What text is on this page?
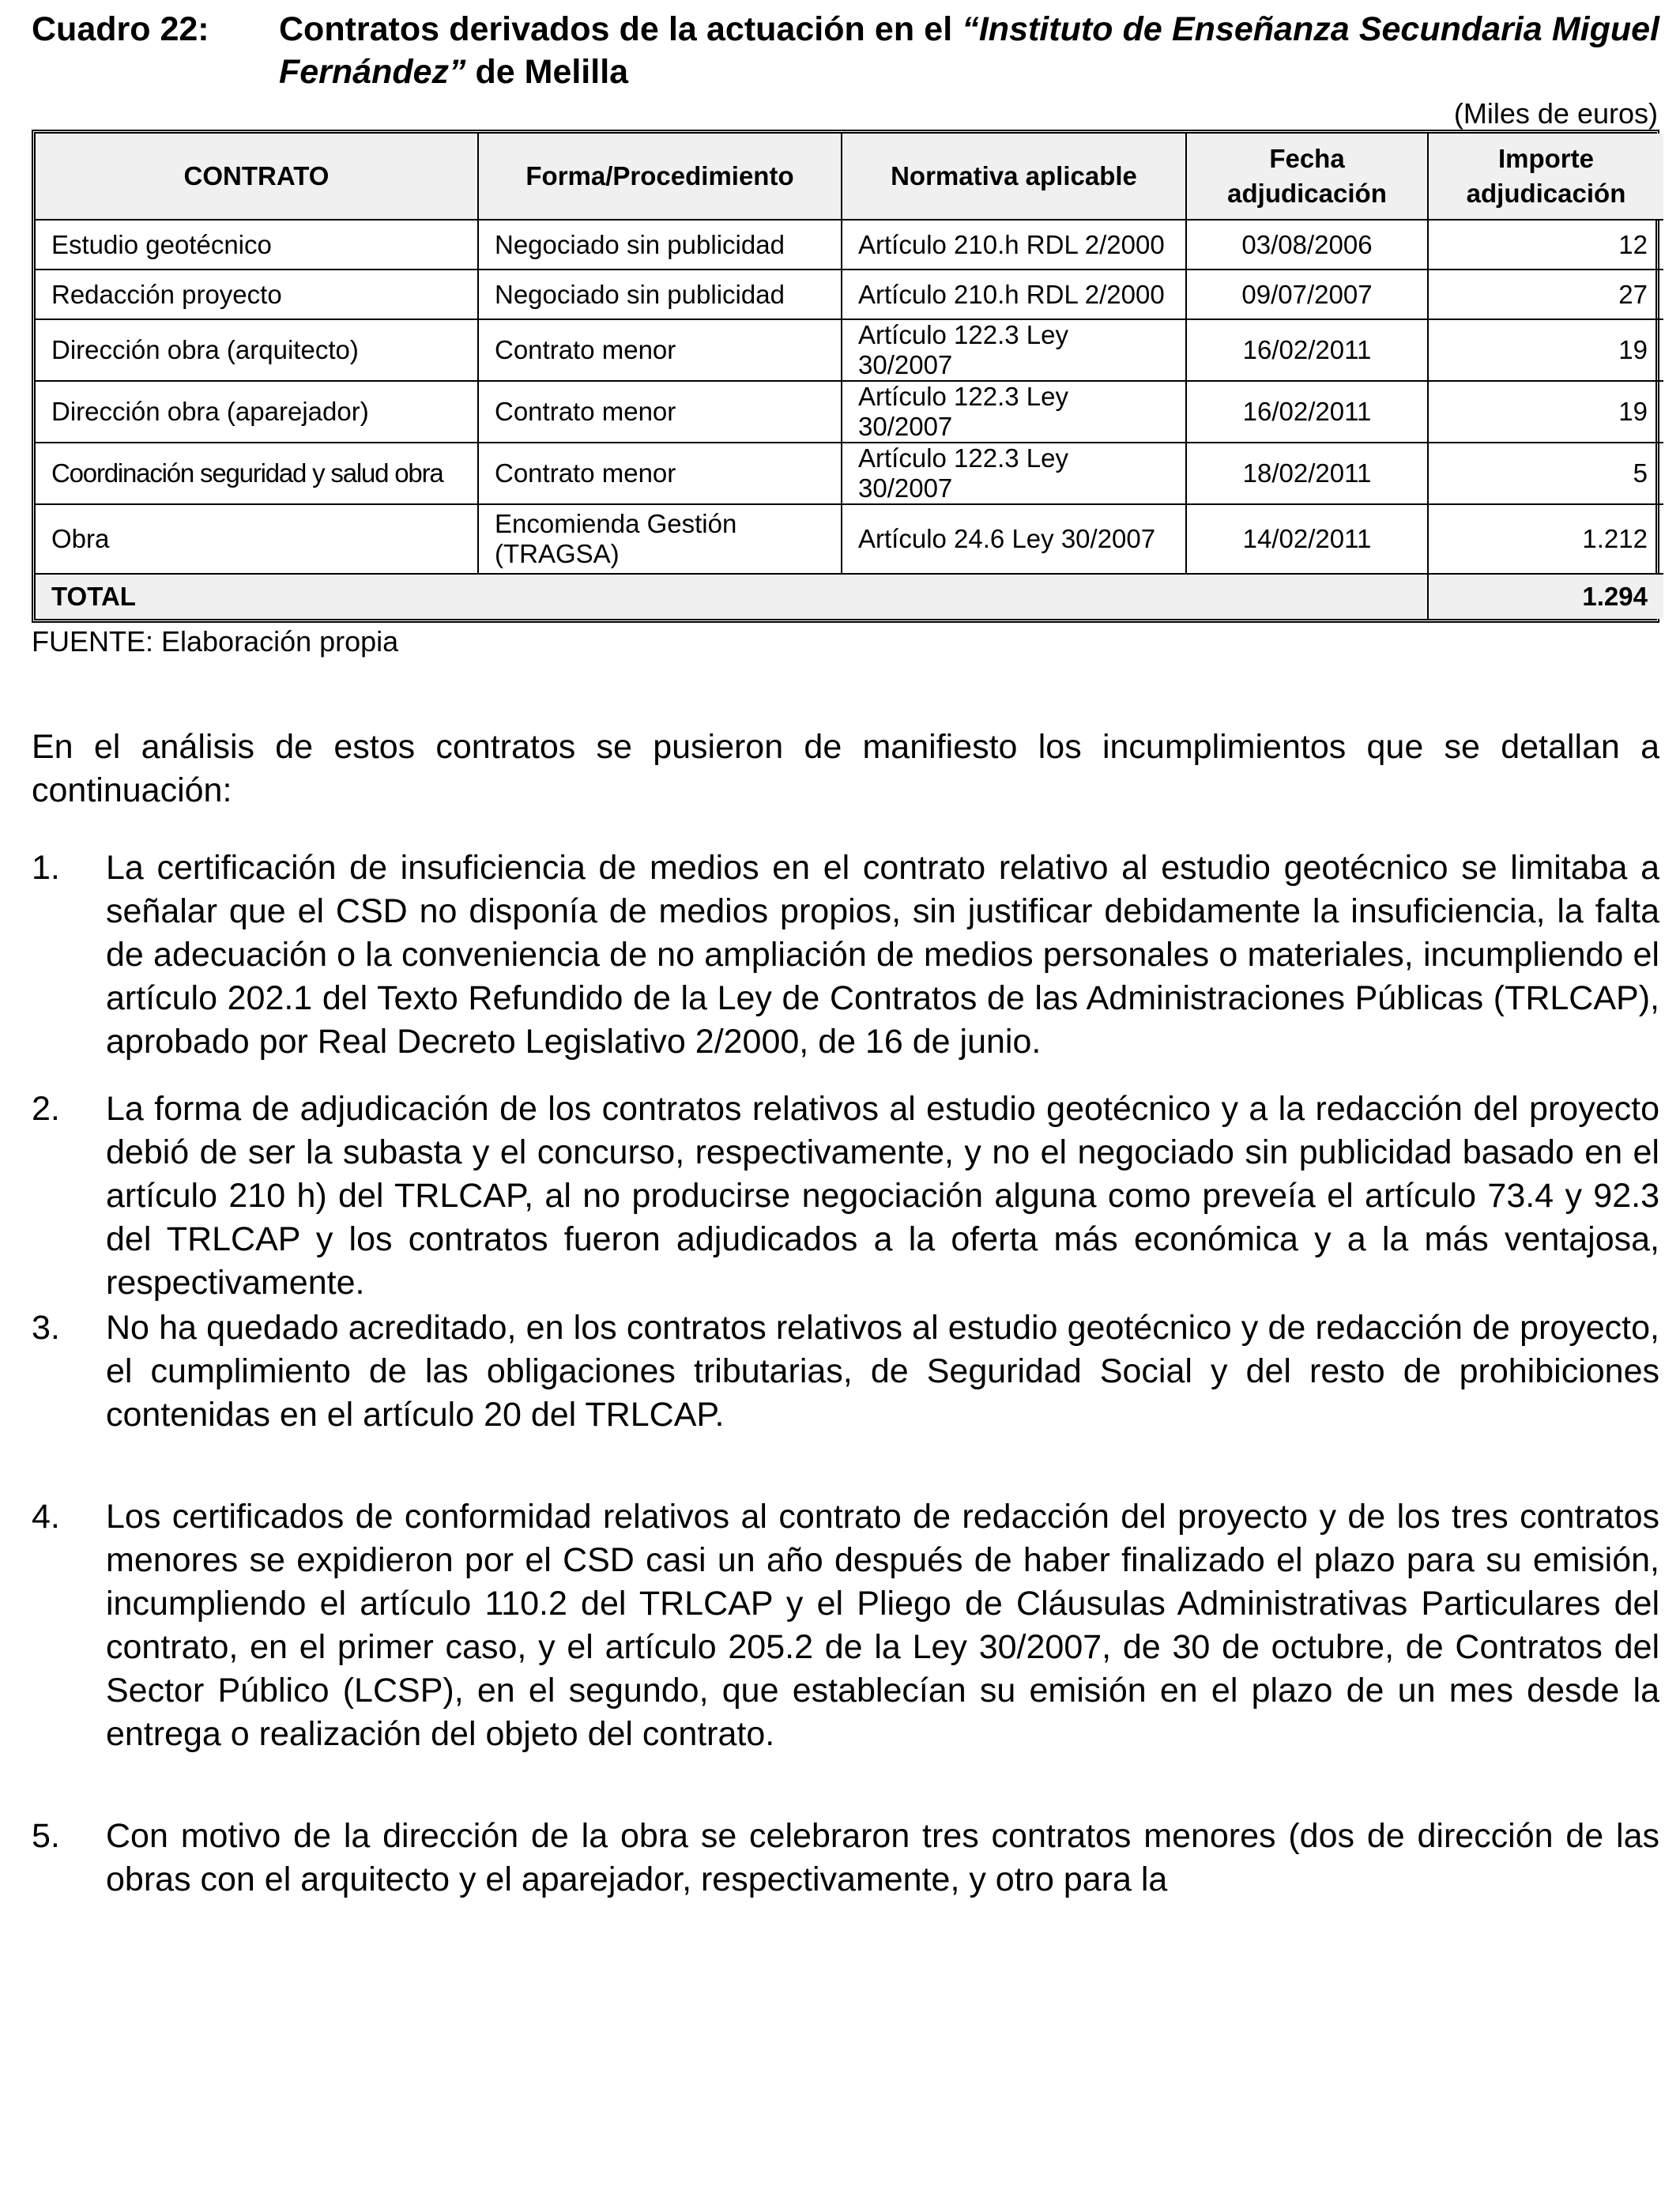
Cuadro 22:	Contratos derivados de la actuación en el “Instituto de Enseñanza Secundaria Miguel Fernández” de Melilla
(Miles de euros)
CONTRATO	Forma/Procedimiento	Normativa aplicable	Fecha adjudicación	Importe adjudicación
Estudio geotécnico	Negociado sin publicidad	Artículo 210.h RDL 2/2000	03/08/2006	12
Redacción proyecto	Negociado sin publicidad	Artículo 210.h RDL 2/2000	09/07/2007	27
Dirección obra (arquitecto)	Contrato menor	Artículo 122.3 Ley 30/2007	16/02/2011	19
Dirección obra (aparejador)	Contrato menor	Artículo 122.3 Ley 30/2007	16/02/2011	19
Coordinación seguridad y salud obra	Contrato menor	Artículo 122.3 Ley 30/2007	18/02/2011	5
Obra	Encomienda Gestión (TRAGSA)	Artículo 24.6 Ley 30/2007	14/02/2011	1.212
TOTAL				1.294
FUENTE: Elaboración propia

En el análisis de estos contratos se pusieron de manifiesto los incumplimientos que se detallan a continuación:

1.	La certificación de insuficiencia de medios en el contrato relativo al estudio geotécnico se limitaba a señalar que el CSD no disponía de medios propios, sin justificar debidamente la insuficiencia, la falta de adecuación o la conveniencia de no ampliación de medios personales o materiales, incumpliendo el artículo 202.1 del Texto Refundido de la Ley de Contratos de las Administraciones Públicas (TRLCAP), aprobado por Real Decreto Legislativo 2/2000, de 16 de junio.
2.	La forma de adjudicación de los contratos relativos al estudio geotécnico y a la redacción del proyecto debió de ser la subasta y el concurso, respectivamente, y no el negociado sin publicidad basado en el artículo 210 h) del TRLCAP, al no producirse negociación alguna como preveía el artículo 73.4 y 92.3 del TRLCAP y los contratos fueron adjudicados a la oferta más económica y a la más ventajosa, respectivamente.
3.	No ha quedado acreditado, en los contratos relativos al estudio geotécnico y de redacción de proyecto, el cumplimiento de las obligaciones tributarias, de Seguridad Social y del resto de prohibiciones contenidas en el artículo 20 del TRLCAP.
4.	Los certificados de conformidad relativos al contrato de redacción del proyecto y de los tres contratos menores se expidieron por el CSD casi un año después de haber finalizado el plazo para su emisión, incumpliendo el artículo 110.2 del TRLCAP y el Pliego de Cláusulas Administrativas Particulares del contrato, en el primer caso, y el artículo 205.2 de la Ley 30/2007, de 30 de octubre, de Contratos del Sector Público (LCSP), en el segundo, que establecían su emisión en el plazo de un mes desde la entrega o realización del objeto del contrato.
5.	Con motivo de la dirección de la obra se celebraron tres contratos menores (dos de dirección de las obras con el arquitecto y el aparejador, respectivamente, y otro para la
